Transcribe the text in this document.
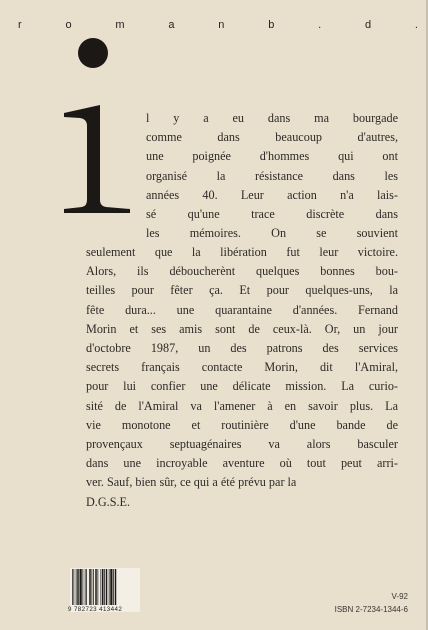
r	o	m	a	n	b	.	d	.
l y a eu dans ma bourgade
comme dans beaucoup d'autres,
une poignée d'hommes qui ont
organisé la résistance dans les
années 40. Leur action n'a lais-
sé qu'une trace discrète dans
les mémoires. On se souvient
seulement que la libération fut leur victoire.
Alors, ils déboucherènt quelques bonnes bou-
teilles pour fêter ça. Et pour quelques-uns, la
fête dura... une quarantaine d'années. Fernand
Morin et ses amis sont de ceux-là. Or, un jour
d'octobre 1987, un des patrons des services
secrets français contacte Morin, dit l'Amiral,
pour lui confier une délicate mission. La curio-
sité de l'Amiral va l'amener à en savoir plus. La
vie monotone et routinière d'une bande de
provençaux septuagénaires va alors basculer
dans une incroyable aventure où tout peut arri-
ver. Sauf, bien sûr, ce qui a été prévu par la
D.G.S.E.
9 782723 413442
V-92
ISBN 2-7234-1344-6
